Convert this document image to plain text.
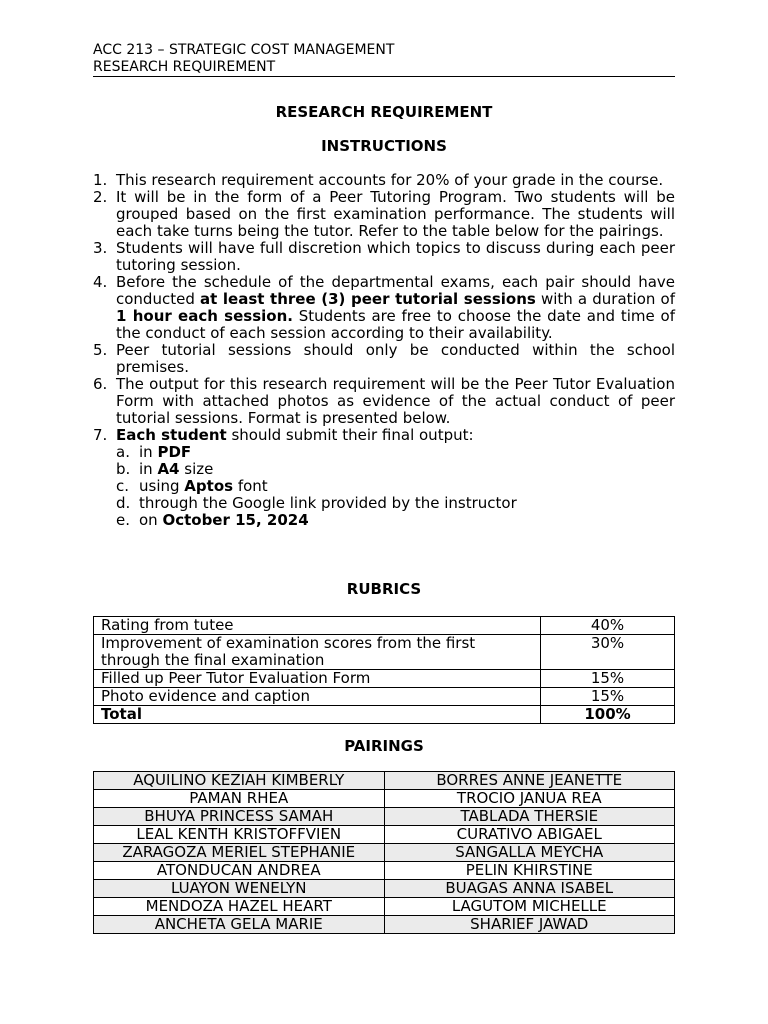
ACC 213 – STRATEGIC COST MANAGEMENT
RESEARCH REQUIREMENT
RESEARCH REQUIREMENT
INSTRUCTIONS
1. This research requirement accounts for 20% of your grade in the course.
2. It will be in the form of a Peer Tutoring Program. Two students will be grouped based on the first examination performance. The students will each take turns being the tutor. Refer to the table below for the pairings.
3. Students will have full discretion which topics to discuss during each peer tutoring session.
4. Before the schedule of the departmental exams, each pair should have conducted at least three (3) peer tutorial sessions with a duration of 1 hour each session. Students are free to choose the date and time of the conduct of each session according to their availability.
5. Peer tutorial sessions should only be conducted within the school premises.
6. The output for this research requirement will be the Peer Tutor Evaluation Form with attached photos as evidence of the actual conduct of peer tutorial sessions. Format is presented below.
7. Each student should submit their final output:
a. in PDF
b. in A4 size
c. using Aptos font
d. through the Google link provided by the instructor
e. on October 15, 2024
RUBRICS
Rating from tutee	40%
Improvement of examination scores from the first through the final examination	30%
Filled up Peer Tutor Evaluation Form	15%
Photo evidence and caption	15%
Total	100%
PAIRINGS
AQUILINO KEZIAH KIMBERLY	BORRES ANNE JEANETTE
PAMAN RHEA	TROCIO JANUA REA
BHUYA PRINCESS SAMAH	TABLADA THERSIE
LEAL KENTH KRISTOFFVIEN	CURATIVO ABIGAEL
ZARAGOZA MERIEL STEPHANIE	SANGALLA MEYCHA
ATONDUCAN ANDREA	PELIN KHIRSTINE
LUAYON WENELYN	BUAGAS ANNA ISABEL
MENDOZA HAZEL HEART	LAGUTOM MICHELLE
ANCHETA GELA MARIE	SHARIEF JAWAD
